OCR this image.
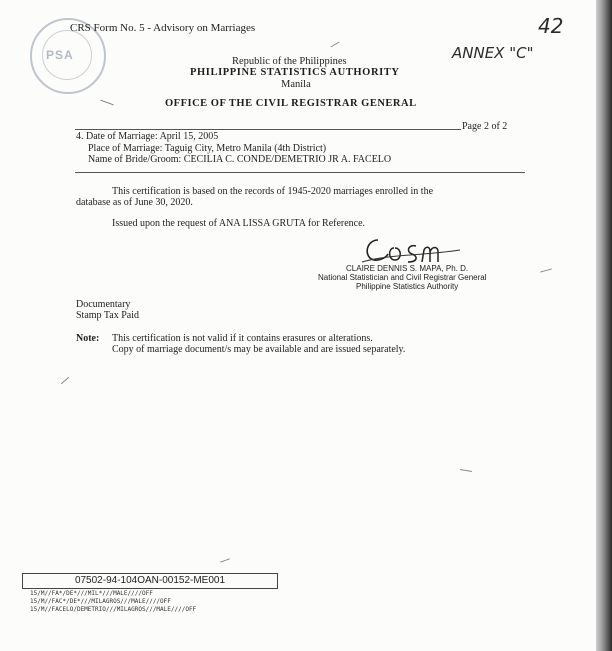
PSA
CRS Form No. 5 - Advisory on Marriages	42
ANNEX "C"
Republic of the Philippines
PHILIPPINE STATISTICS AUTHORITY
Manila
OFFICE OF THE CIVIL REGISTRAR GENERAL
Page 2 of 2
4. Date of Marriage: April 15, 2005
Place of Marriage: Taguig City, Metro Manila (4th District)
Name of Bride/Groom: CECILIA C. CONDE/DEMETRIO JR A. FACELO
This certification is based on the records of 1945-2020 marriages enrolled in the
database as of June 30, 2020.
Issued upon the request of ANA LISSA GRUTA for Reference.
CLAIRE DENNIS S. MAPA, Ph. D.
National Statistician and Civil Registrar General
Philippine Statistics Authority
Documentary
Stamp Tax Paid
Note: This certification is not valid if it contains erasures or alterations.
Copy of marriage document/s may be available and are issued separately.
07502-94-104OAN-00152-ME001
15/M//FA*/DE*///MIL*///MALE////OFF
15/M//FAC*/DE*///MILAGROS///MALE////OFF
15/M//FACELO/DEMETRIO///MILAGROS///MALE////OFF
